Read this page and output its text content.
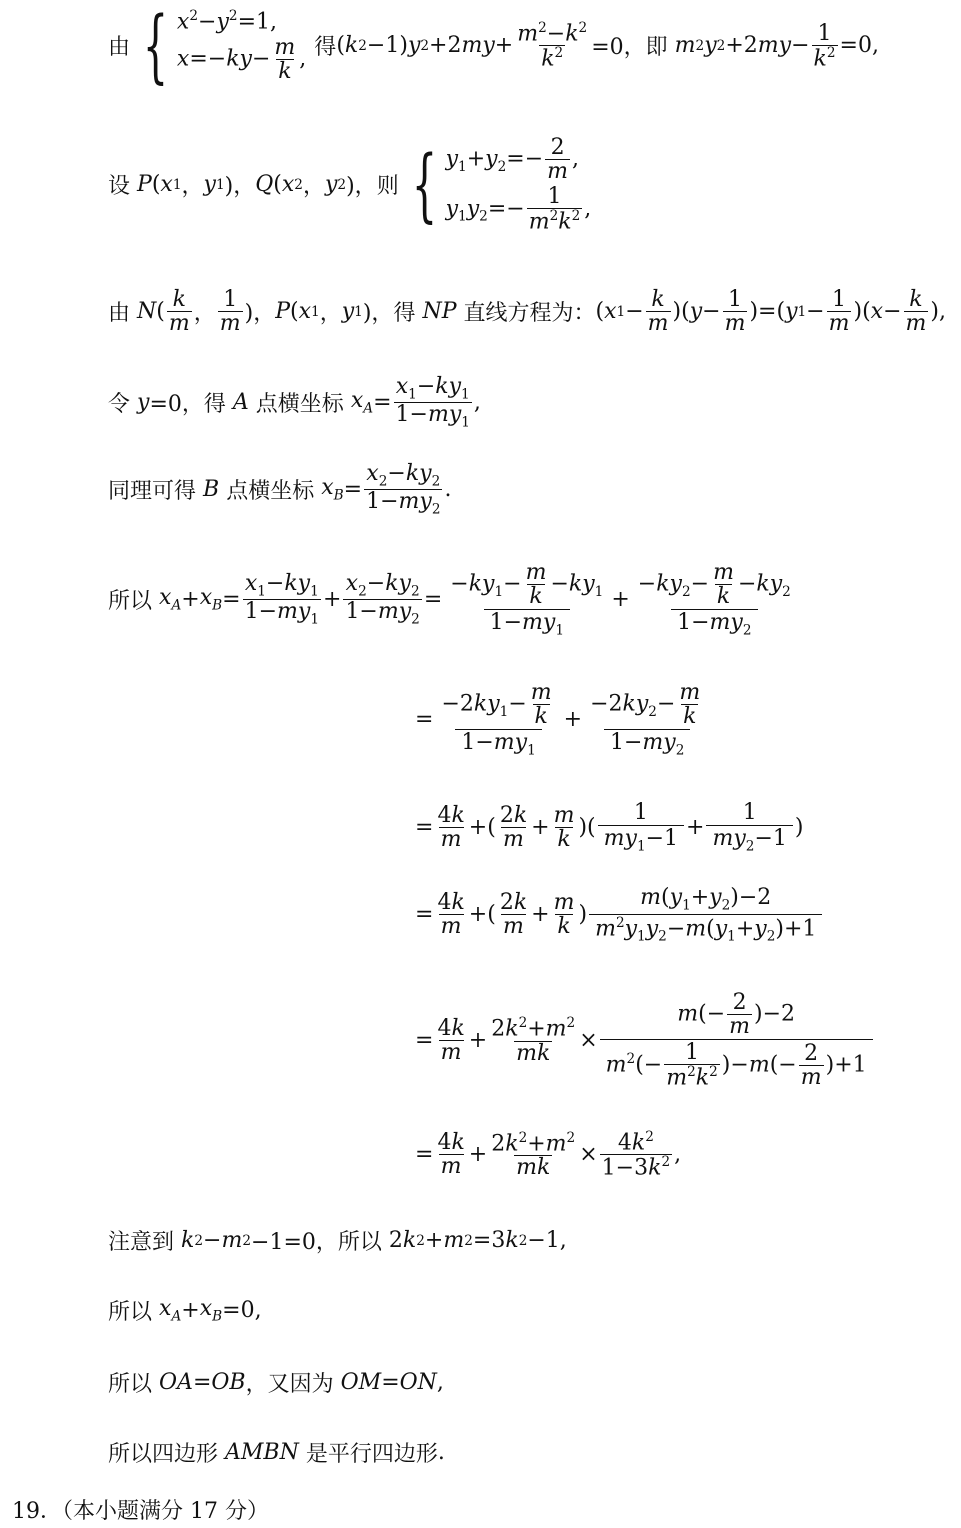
由 { $x^2-y^2=1$,
$x=-ky- \frac{m}{k}$ , 得 ( k 2 −1) y 2 +2 my + $\frac{m^2-k^2}{k^2} =0$， 即
m 2 y 2 +2 my − $\frac{1}{k^2} =0$,
设
P ( x 1 ， y 1 )， Q ( x 2 ， y 2 )， 则 { $y_1+y_2=- \frac{2}{m}$ ,
$y_1y_2=- \frac{1}{m^2k^2}$ ,
由
N ( $\frac{k}{m}$ ， $\frac{1}{m}$ )， P ( x 1 ， y 1 )， 得
NP
直线方程为： ( x $1 - \frac{k}{m}$ )( $y - \frac{1}{m}$ )=( y $1 - \frac{1}{m}$ )( $x - \frac{k}{m}$ ),
令
y =0， 得
A
点横坐标
$x_A = \frac{x_1-ky_1}{1-my_1}$ ,
同理可得
B
点横坐标
$x_B = \frac{x_2-ky_2}{1-my_2}$ .
所以
$x_A + x_B = \frac{x_1-ky_1}{1-my_1} + \frac{x_2-ky_2}{1-my_2} = \frac{-ky_1- \frac{m}{k} -ky_1}{1-my_1} + \frac{-ky_2- \frac{m}{k} -ky_2}{1-my_2}$
= $\frac{-2ky_1- \frac{m}{k}}{1-my_1} + \frac{-2ky_2- \frac{m}{k}}{1-my_2}$
= $\frac{4k}{m}$ +( $\frac{2k}{m} + \frac{m}{k}$ )( $\frac{1}{my_1-1} + \frac{1}{my_2-1}$ )
= $\frac{4k}{m}$ +( $\frac{2k}{m} + \frac{m}{k}$ ) $\frac{m(y_1+y_2)-2}{m^2y_1y_2-m(y_1+y_2)+1}$
= $\frac{4k}{m} + \frac{2k^2+m^2}{mk} \times \frac{m(- \frac{2}{m} )-2}{m^2(- \frac{1}{m^2k^2} )-m(- \frac{2}{m} )+1}$
= $\frac{4k}{m} + \frac{2k^2+m^2}{mk} \times \frac{4k^2}{1-3k^2}$ ,
注意到
k 2 − m 2 −1=0， 所以 2 k 2 + m 2 =3 k 2 −1,
所以
$x_A + x_B =0$,
所以
OA = OB ， 又因为
OM = ON ,
所以四边形
AMBN
是平行四边形 .
19．（本小题满分 17 分）
